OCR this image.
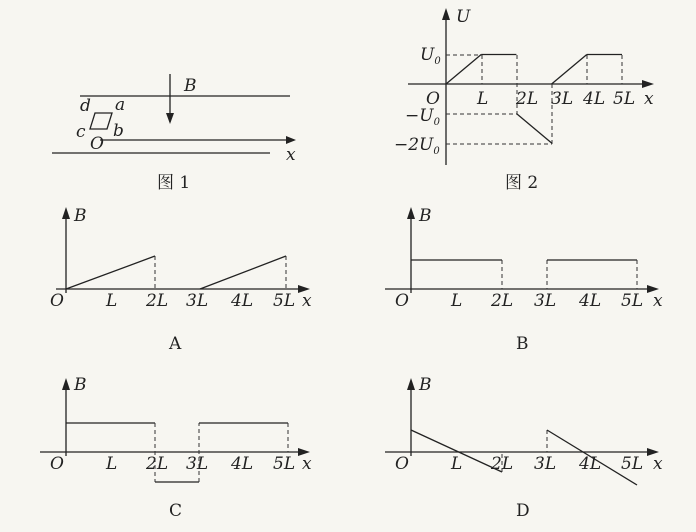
B
x
O
a
b
c
d
图 1
U
x
O
$U_0$
$-U_0$
$-2U_0$
L 2L 3L 4L 5L
图 2
B
x
O L 2L 3L 4L 5L
A
B
x
O L 2L 3L 4L 5L
B
B
x
O L 2L 3L 4L 5L
C
B
x
O L 2L 3L 4L 5L
D
